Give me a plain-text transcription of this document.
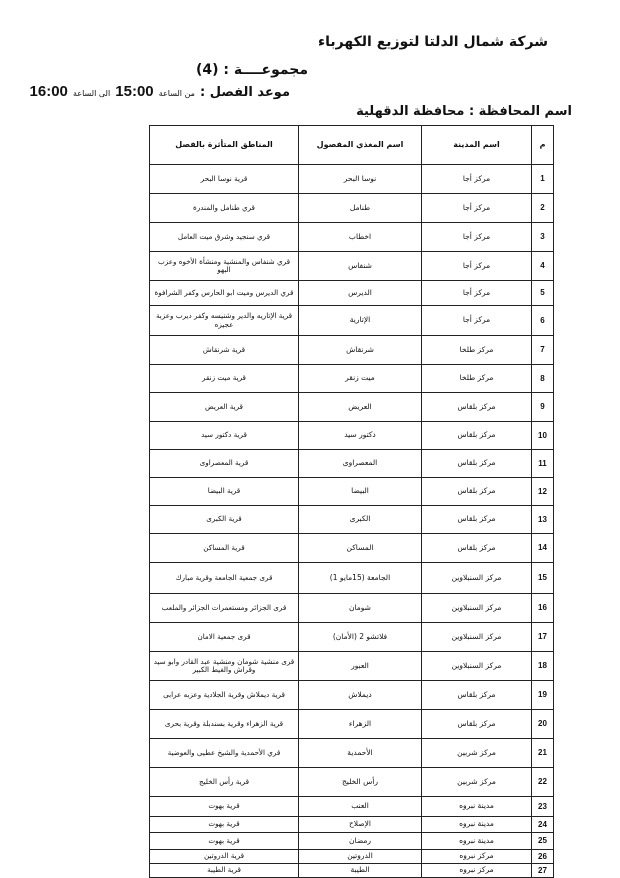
شركة شمال الدلتا لتوزيع الكهرباء
مجموعــــة : (4)
موعد الفصل : من الساعة 15:00 الى الساعة 16:00
اسم المحافظة : محافظة الدقهلية
م	اسم المدينة	اسم المغذي المفصول	المناطق المتأثرة بالفصل
1	مركز أجا	نوسا البحر	قرية نوسا البحر
2	مركز أجا	طنامل	قري طنامل والمندرة
3	مركز أجا	اخطاب	قري سنجيد وشرق ميت العامل
4	مركز أجا	شنفاس	قري شنفاس والمنشية ومنشأة الأخوه وعزب البهو
5	مركز أجا	الديرس	قري الديرس وميت ابو الحارس وكفر الشرافوة
6	مركز أجا	الإتارية	قرية الإتاريه والدير وشنيسه وكفر ديرب وعزبة عجيزه
7	مركز طلخا	شرنقاش	قرية شرنقاش
8	مركز طلخا	ميت زنقر	قرية ميت زنقر
9	مركز بلقاس	العريض	قرية العريض
10	مركز بلقاس	دكتور سيد	قرية دكتور سيد
11	مركز بلقاس	المعصراوى	قرية المعصراوى
12	مركز بلقاس	البيضا	قرية البيضا
13	مركز بلقاس	الكبرى	قرية الكبرى
14	مركز بلقاس	المساكن	قرية المساكن
15	مركز السنبلاوين	الجامعة (15مايو 1)	قرى جمعية الجامعة وقرية مبارك
16	مركز السنبلاوين	شومان	قرى الجزائر ومستعمرات الجزائر والملعب
17	مركز السنبلاوين	فلاتشو 2 (الأمان)	قرى جمعية الامان
18	مركز السنبلاوين	العبور	قرى منشية شومان ومنشية عبد القادر وابو سيد وقراش والغيط الكبير
19	مركز بلقاس	ديملاش	قرية ديملاش وقرية الجلادية وعزبه عرابى
20	مركز بلقاس	الزهراء	قرية الزهراء وقرية بسندبلة وقرية بحرى
21	مركز شربين	الأحمدية	قري الأحمدية والشيخ عطيى والعوضية
22	مركز شربين	رأس الخليج	قرية رأس الخليج
23	مدينة نبروه	العنب	قرية بهوت
24	مدينة نبروه	الإصلاح	قرية بهوت
25	مدينة نبروه	رمضان	قرية بهوت
26	مركز نبروه	الدروتين	قرية الدروتين
27	مركز نبروه	الطيبة	قرية الطيبة
